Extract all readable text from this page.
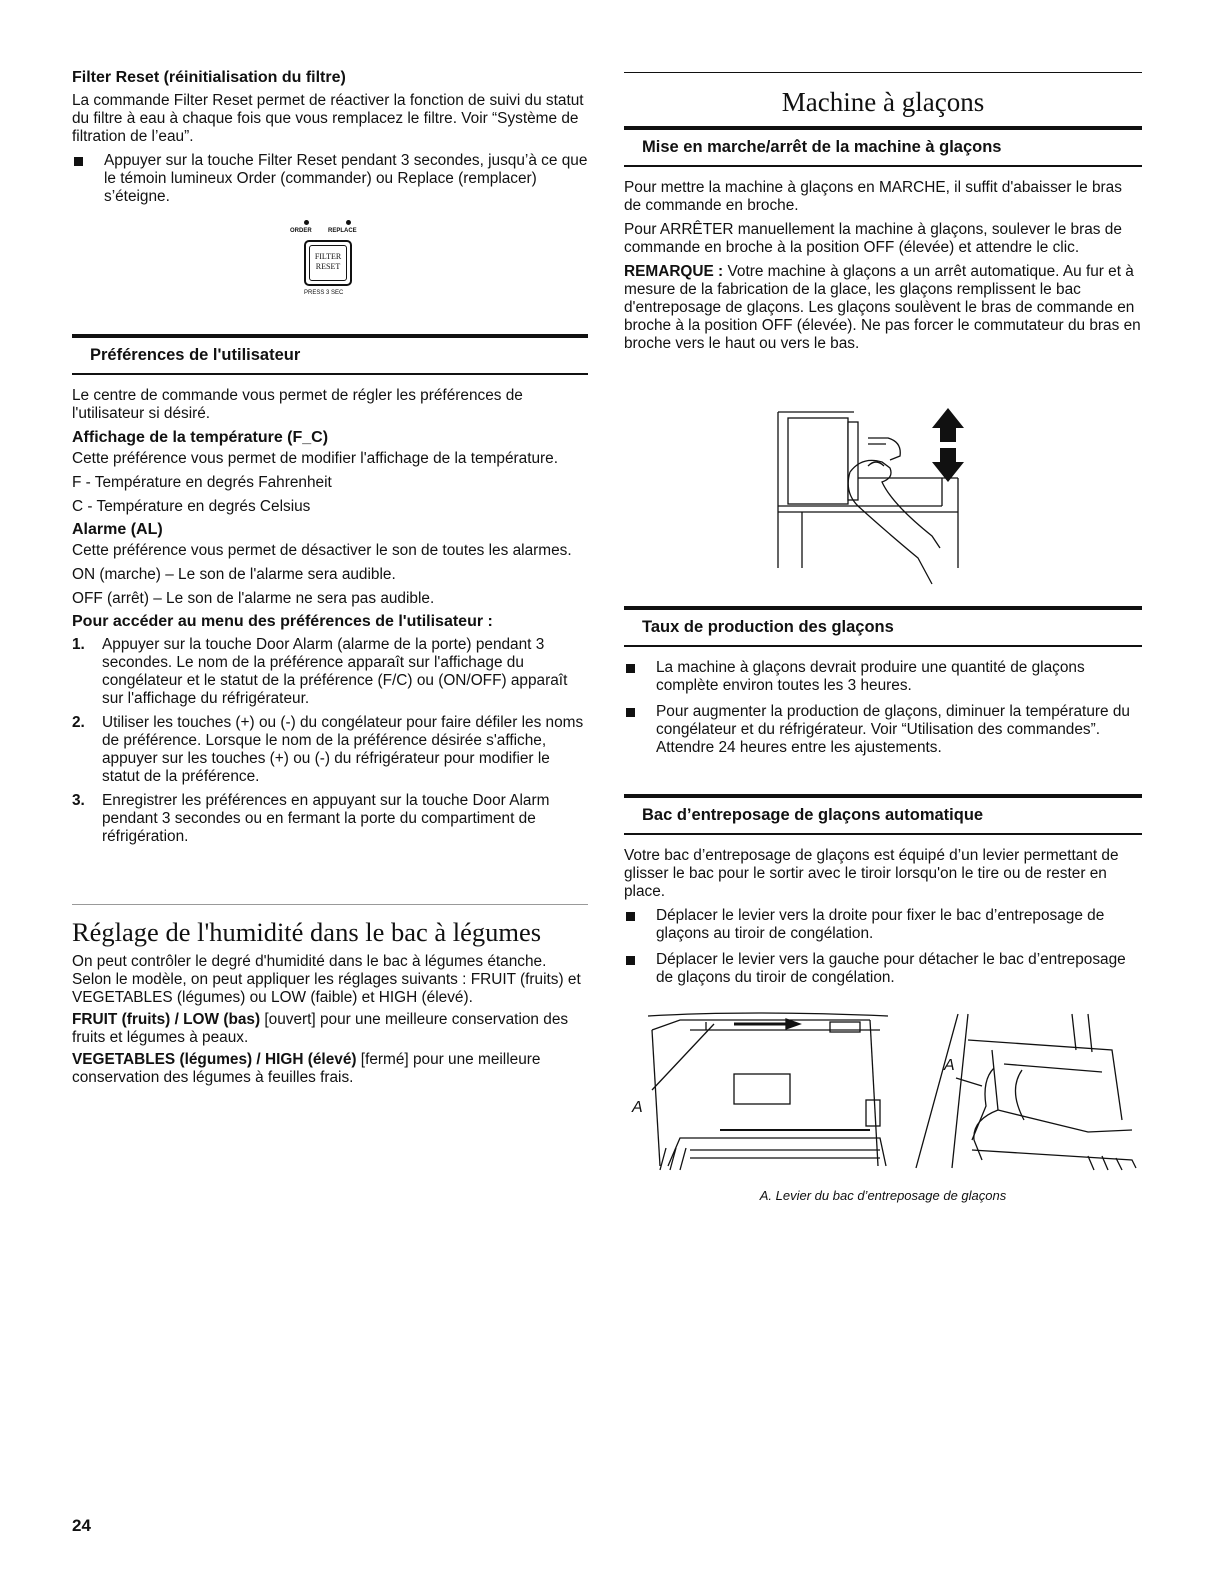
Filter Reset (réinitialisation du filtre)

La commande Filter Reset permet de réactiver la fonction de suivi du statut du filtre à eau à chaque fois que vous remplacez le filtre. Voir “Système de filtration de l’eau”.

Appuyer sur la touche Filter Reset pendant 3 secondes, jusqu’à ce que le témoin lumineux Order (commander) ou Replace (remplacer) s’éteigne.
ORDER	REPLACE
FILTER
RESET
PRESS 3 SEC
Préférences de l'utilisateur

Le centre de commande vous permet de régler les préférences de l'utilisateur si désiré.

Affichage de la température (F_C)

Cette préférence vous permet de modifier l'affichage de la température.

F - Température en degrés Fahrenheit

C - Température en degrés Celsius

Alarme (AL)

Cette préférence vous permet de désactiver le son de toutes les alarmes.

ON (marche) – Le son de l'alarme sera audible.

OFF (arrêt) – Le son de l'alarme ne sera pas audible.

Pour accéder au menu des préférences de l'utilisateur :

1. Appuyer sur la touche Door Alarm (alarme de la porte) pendant 3 secondes. Le nom de la préférence apparaît sur l'affichage du congélateur et le statut de la préférence (F/C) ou (ON/OFF) apparaît sur l'affichage du réfrigérateur.
2. Utiliser les touches (+) ou (-) du congélateur pour faire défiler les noms de préférence. Lorsque le nom de la préférence désirée s'affiche, appuyer sur les touches (+) ou (-) du réfrigérateur pour modifier le statut de la préférence.
3. Enregistrer les préférences en appuyant sur la touche Door Alarm pendant 3 secondes ou en fermant la porte du compartiment de réfrigération.
Réglage de l'humidité dans le bac à légumes

On peut contrôler le degré d'humidité dans le bac à légumes étanche. Selon le modèle, on peut appliquer les réglages suivants : FRUIT (fruits) et VEGETABLES (légumes) ou LOW (faible) et HIGH (élevé).

FRUIT (fruits) / LOW (bas) [ouvert] pour une meilleure conservation des fruits et légumes à peaux.

VEGETABLES (légumes) / HIGH (élevé) [fermé] pour une meilleure conservation des légumes à feuilles frais.

24
Machine à glaçons
Mise en marche/arrêt de la machine à glaçons

Pour mettre la machine à glaçons en MARCHE, il suffit d'abaisser le bras de commande en broche.

Pour ARRÊTER manuellement la machine à glaçons, soulever le bras de commande en broche à la position OFF (élevée) et attendre le clic.

REMARQUE : Votre machine à glaçons a un arrêt automatique. Au fur et à mesure de la fabrication de la glace, les glaçons remplissent le bac d'entreposage de glaçons. Les glaçons soulèvent le bras de commande en broche à la position OFF (élevée). Ne pas forcer le commutateur du bras en broche vers le haut ou vers le bas.

Taux de production des glaçons
La machine à glaçons devrait produire une quantité de glaçons complète environ toutes les 3 heures.
Pour augmenter la production de glaçons, diminuer la température du congélateur et du réfrigérateur. Voir “Utilisation des commandes”. Attendre 24 heures entre les ajustements.
Bac d’entreposage de glaçons automatique

Votre bac d’entreposage de glaçons est équipé d’un levier permettant de glisser le bac pour le sortir avec le tiroir lorsqu'on le tire ou de rester en place.

Déplacer le levier vers la droite pour fixer le bac d’entreposage de glaçons au tiroir de congélation.
Déplacer le levier vers la gauche pour détacher le bac d’entreposage de glaçons du tiroir de congélation.
A
A
A. Levier du bac d’entreposage de glaçons
